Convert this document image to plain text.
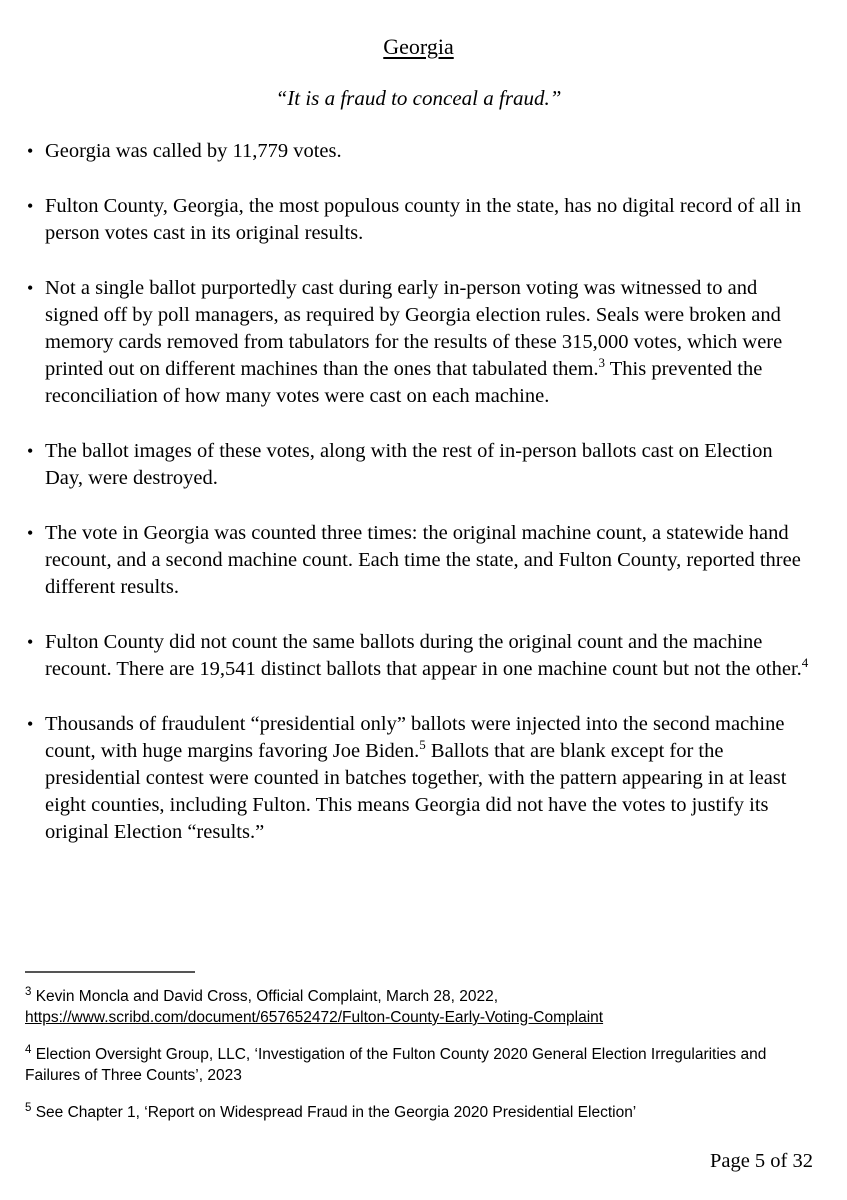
Georgia

“It is a fraud to conceal a fraud.”

• Georgia was called by 11,779 votes.
• Fulton County, Georgia, the most populous county in the state, has no digital record of all in person votes cast in its original results.
• Not a single ballot purportedly cast during early in-person voting was witnessed to and signed off by poll managers, as required by Georgia election rules. Seals were broken and memory cards removed from tabulators for the results of these 315,000 votes, which were printed out on different machines than the ones that tabulated them.$^3$ This prevented the reconciliation of how many votes were cast on each machine.
• The ballot images of these votes, along with the rest of in-person ballots cast on Election Day, were destroyed.
• The vote in Georgia was counted three times: the original machine count, a statewide hand recount, and a second machine count. Each time the state, and Fulton County, reported three different results.
• Fulton County did not count the same ballots during the original count and the machine recount. There are 19,541 distinct ballots that appear in one machine count but not the other.$^4$
• Thousands of fraudulent “presidential only” ballots were injected into the second machine count, with huge margins favoring Joe Biden.$^5$ Ballots that are blank except for the presidential contest were counted in batches together, with the pattern appearing in at least eight counties, including Fulton. This means Georgia did not have the votes to justify its original Election “results.”

$^3$ Kevin Moncla and David Cross, Official Complaint, March 28, 2022, https://www.scribd.com/document/657652472/Fulton-County-Early-Voting-Complaint

$^4$ Election Oversight Group, LLC, ‘Investigation of the Fulton County 2020 General Election Irregularities and Failures of Three Counts’, 2023

$^5$ See Chapter 1, ‘Report on Widespread Fraud in the Georgia 2020 Presidential Election’

Page 5 of 32
